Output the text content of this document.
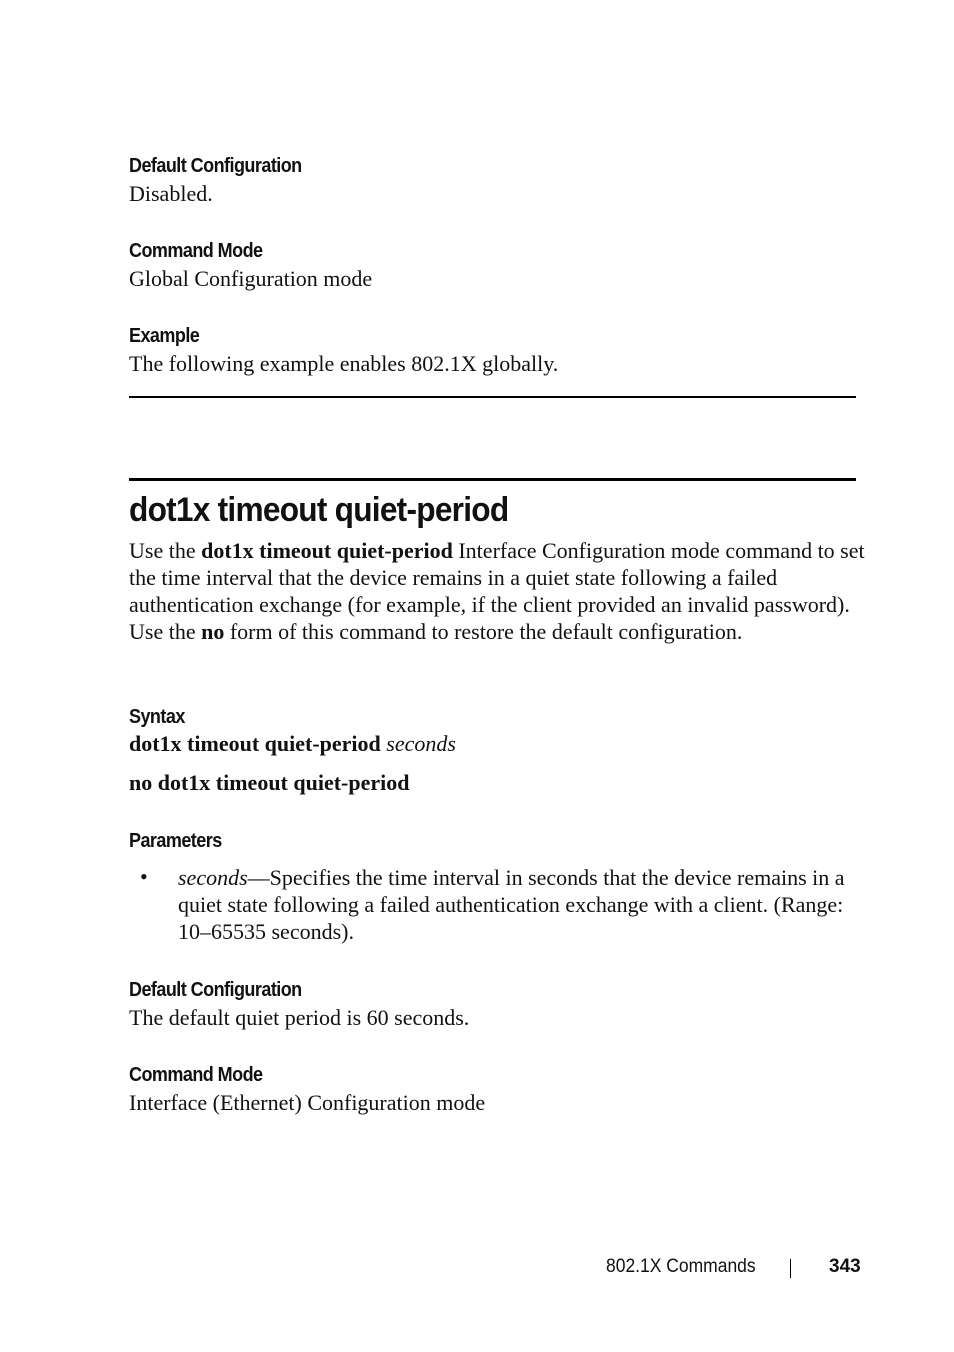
Default Configuration
Disabled.
Command Mode
Global Configuration mode
Example
The following example enables 802.1X globally.
dot1x timeout quiet-period
Use the dot1x timeout quiet-period Interface Configuration mode command to set the time interval that the device remains in a quiet state following a failed authentication exchange (for example, if the client provided an invalid password). Use the no form of this command to restore the default configuration.
Syntax
dot1x timeout quiet-period seconds
no dot1x timeout quiet-period
Parameters
• seconds—Specifies the time interval in seconds that the device remains in a quiet state following a failed authentication exchange with a client. (Range: 10–65535 seconds).
Default Configuration
The default quiet period is 60 seconds.
Command Mode
Interface (Ethernet) Configuration mode
802.1X Commands	343
